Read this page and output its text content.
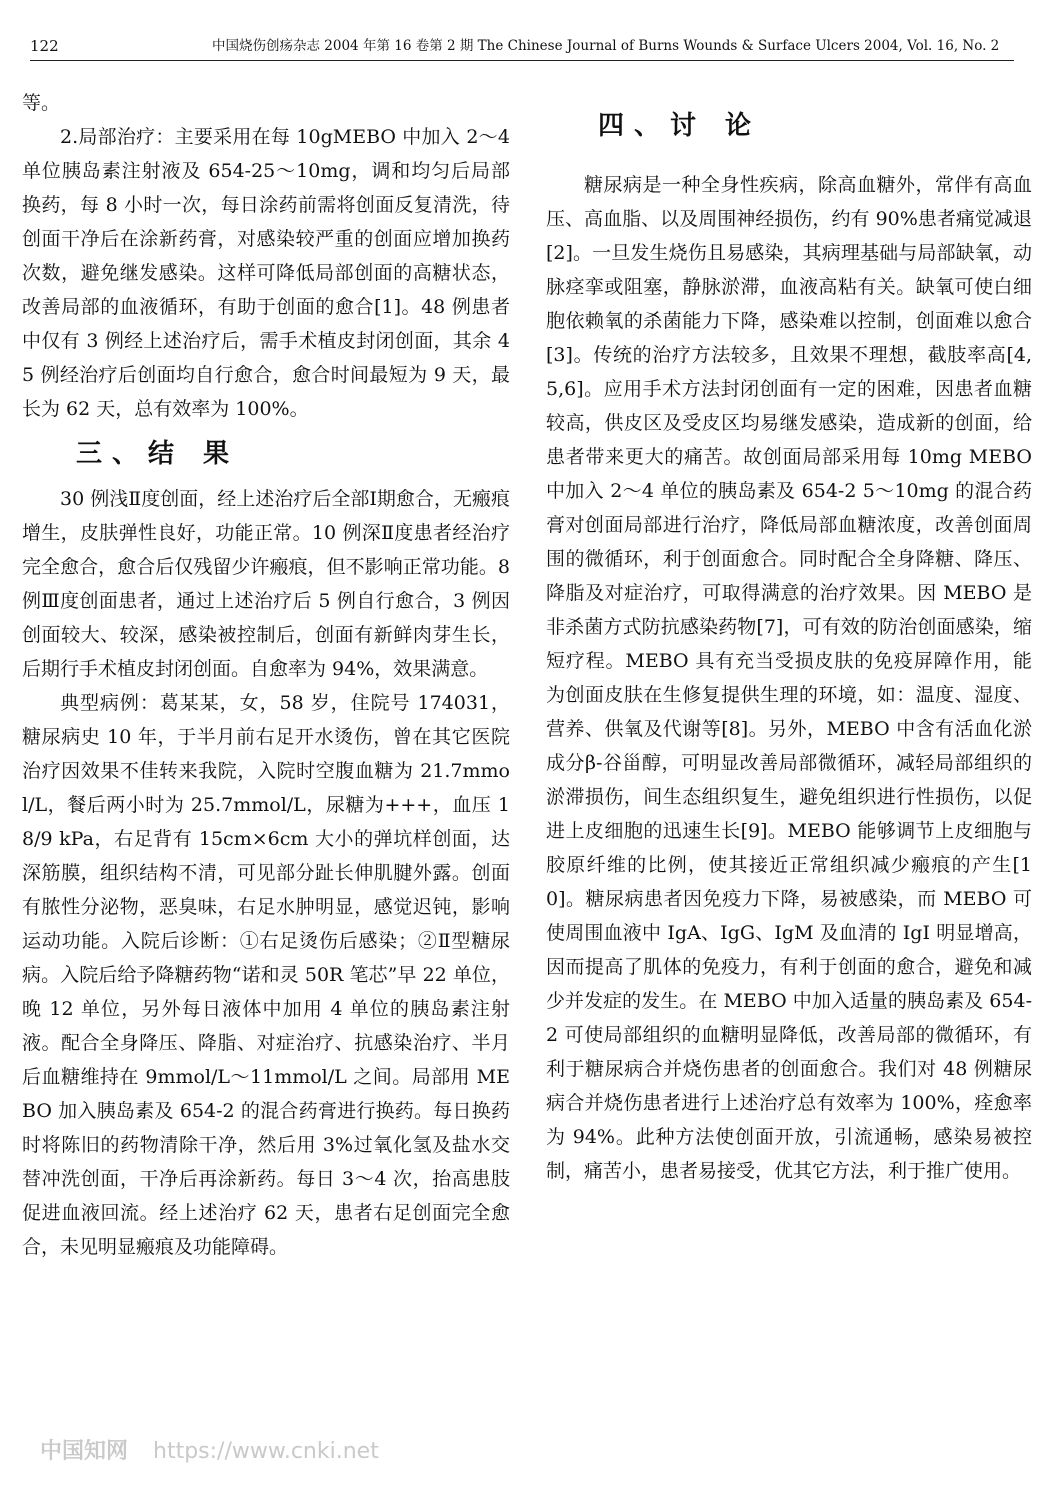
122	中国烧伤创疡杂志 2004 年第 16 卷第 2 期 The Chinese Journal of Burns Wounds & Surface Ulcers 2004, Vol. 16, No. 2

等。

2.局部治疗：主要采用在每 10gMEBO 中加入 2～4 单位胰岛素注射液及 654-25～10mg，调和均匀后局部换药，每 8 小时一次，每日涂药前需将创面反复清洗，待创面干净后在涂新药膏，对感染较严重的创面应增加换药次数，避免继发感染。这样可降低局部创面的高糖状态，改善局部的血液循环，有助于创面的愈合[1]。48 例患者中仅有 3 例经上述治疗后，需手术植皮封闭创面，其余 45 例经治疗后创面均自行愈合，愈合时间最短为 9 天，最长为 62 天，总有效率为 100%。

三、结 果

30 例浅Ⅱ度创面，经上述治疗后全部Ⅰ期愈合，无瘢痕增生，皮肤弹性良好，功能正常。10 例深Ⅱ度患者经治疗完全愈合，愈合后仅残留少许瘢痕，但不影响正常功能。8 例Ⅲ度创面患者，通过上述治疗后 5 例自行愈合，3 例因创面较大、较深，感染被控制后，创面有新鲜肉芽生长，后期行手术植皮封闭创面。自愈率为 94%，效果满意。

典型病例：葛某某，女，58 岁，住院号 174031，糖尿病史 10 年，于半月前右足开水烫伤，曾在其它医院治疗因效果不佳转来我院，入院时空腹血糖为 21.7mmol/L，餐后两小时为 25.7mmol/L，尿糖为+++，血压 18/9 kPa，右足背有 15cm×6cm 大小的弹坑样创面，达深筋膜，组织结构不清，可见部分趾长伸肌腱外露。创面有脓性分泌物，恶臭味，右足水肿明显，感觉迟钝，影响运动功能。入院后诊断：①右足烫伤后感染；②Ⅱ型糖尿病。入院后给予降糖药物“诺和灵 50R 笔芯”早 22 单位，晚 12 单位，另外每日液体中加用 4 单位的胰岛素注射液。配合全身降压、降脂、对症治疗、抗感染治疗、半月后血糖维持在 9mmol/L～11mmol/L 之间。局部用 MEBO 加入胰岛素及 654-2 的混合药膏进行换药。每日换药时将陈旧的药物清除干净，然后用 3%过氧化氢及盐水交替冲洗创面，干净后再涂新药。每日 3～4 次，抬高患肢促进血液回流。经上述治疗 62 天，患者右足创面完全愈合，未见明显瘢痕及功能障碍。

四、讨 论

糖尿病是一种全身性疾病，除高血糖外，常伴有高血压、高血脂、以及周围神经损伤，约有 90%患者痛觉减退[2]。一旦发生烧伤且易感染，其病理基础与局部缺氧，动脉痉挛或阻塞，静脉淤滞，血液高粘有关。缺氧可使白细胞依赖氧的杀菌能力下降，感染难以控制，创面难以愈合[3]。传统的治疗方法较多，且效果不理想，截肢率高[4,5,6]。应用手术方法封闭创面有一定的困难，因患者血糖较高，供皮区及受皮区均易继发感染，造成新的创面，给患者带来更大的痛苦。故创面局部采用每 10mg MEBO 中加入 2～4 单位的胰岛素及 654-2 5～10mg 的混合药膏对创面局部进行治疗，降低局部血糖浓度，改善创面周围的微循环，利于创面愈合。同时配合全身降糖、降压、降脂及对症治疗，可取得满意的治疗效果。因 MEBO 是非杀菌方式防抗感染药物[7]，可有效的防治创面感染，缩短疗程。MEBO 具有充当受损皮肤的免疫屏障作用，能为创面皮肤在生修复提供生理的环境，如：温度、湿度、营养、供氧及代谢等[8]。另外，MEBO 中含有活血化淤成分β-谷甾醇，可明显改善局部微循环，减轻局部组织的淤滞损伤，间生态组织复生，避免组织进行性损伤，以促进上皮细胞的迅速生长[9]。MEBO 能够调节上皮细胞与胶原纤维的比例，使其接近正常组织减少瘢痕的产生[10]。糖尿病患者因免疫力下降，易被感染，而 MEBO 可使周围血液中 IgA、IgG、IgM 及血清的 IgI 明显增高，因而提高了肌体的免疫力，有利于创面的愈合，避免和减少并发症的发生。在 MEBO 中加入适量的胰岛素及 654-2 可使局部组织的血糖明显降低，改善局部的微循环，有利于糖尿病合并烧伤患者的创面愈合。我们对 48 例糖尿病合并烧伤患者进行上述治疗总有效率为 100%，痊愈率为 94%。此种方法使创面开放，引流通畅，感染易被控制，痛苦小，患者易接受，优其它方法，利于推广使用。

中国知网 https://www.cnki.net
